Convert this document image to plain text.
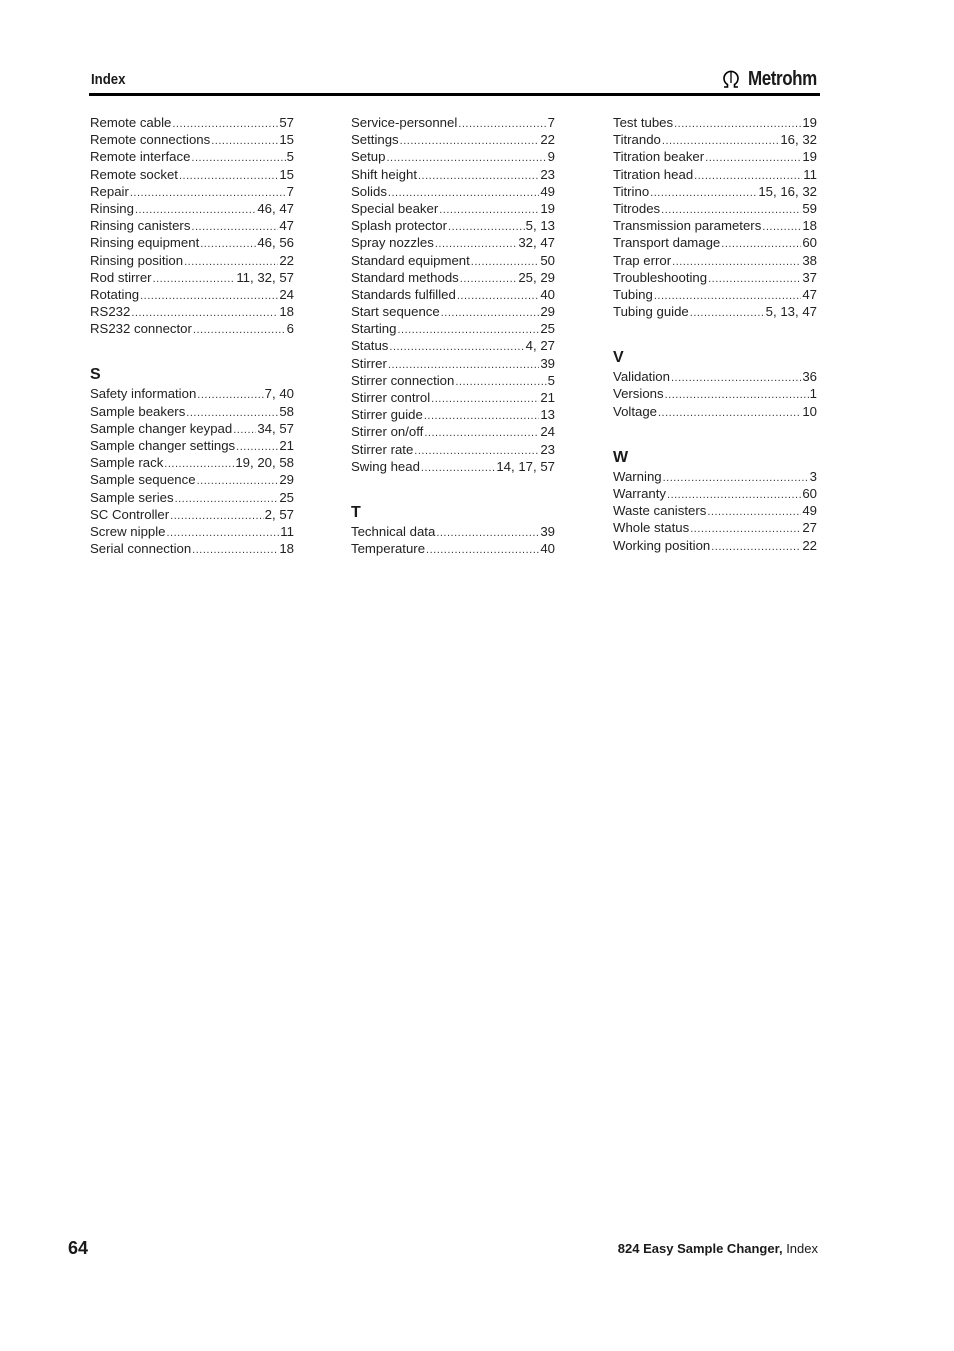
Index	Metrohm
Remote cable .....	57
Remote connections .....	15
Remote interface .....	5
Remote socket .....	15
Repair .....	7
Rinsing .....	46, 47
Rinsing canisters .....	47
Rinsing equipment .....	46, 56
Rinsing position .....	22
Rod stirrer .....	11, 32, 57
Rotating .....	24
RS232 .....	18
RS232 connector .....	6
S
Safety information .....	7, 40
Sample beakers .....	58
Sample changer keypad ..... 34, 57
Sample changer settings .....	21
Sample rack .....	19, 20, 58
Sample sequence .....	29
Sample series .....	25
SC Controller .....	2, 57
Screw nipple .....	11
Serial connection .....	18
Service-personnel .....	7
Settings .....	22
Setup .....	9
Shift height .....	23
Solids .....	49
Special beaker .....	19
Splash protector .....	5, 13
Spray nozzles .....	32, 47
Standard equipment .....	50
Standard methods .....	25, 29
Standards fulfilled .....	40
Start sequence .....	29
Starting .....	25
Status .....	4, 27
Stirrer .....	39
Stirrer connection .....	5
Stirrer control .....	21
Stirrer guide .....	13
Stirrer on/off .....	24
Stirrer rate .....	23
Swing head .....	14, 17, 57
T
Technical data .....	39
Temperature .....	40
Test tubes .....	19
Titrando .....	16, 32
Titration beaker .....	19
Titration head .....	11
Titrino .....	15, 16, 32
Titrodes .....	59
Transmission parameters .....	18
Transport damage .....	60
Trap error .....	38
Troubleshooting .....	37
Tubing .....	47
Tubing guide .....	5, 13, 47
V
Validation .....	36
Versions .....	1
Voltage .....	10
W
Warning .....	3
Warranty .....	60
Waste canisters .....	49
Whole status .....	27
Working position .....	22
64	824 Easy Sample Changer, Index
